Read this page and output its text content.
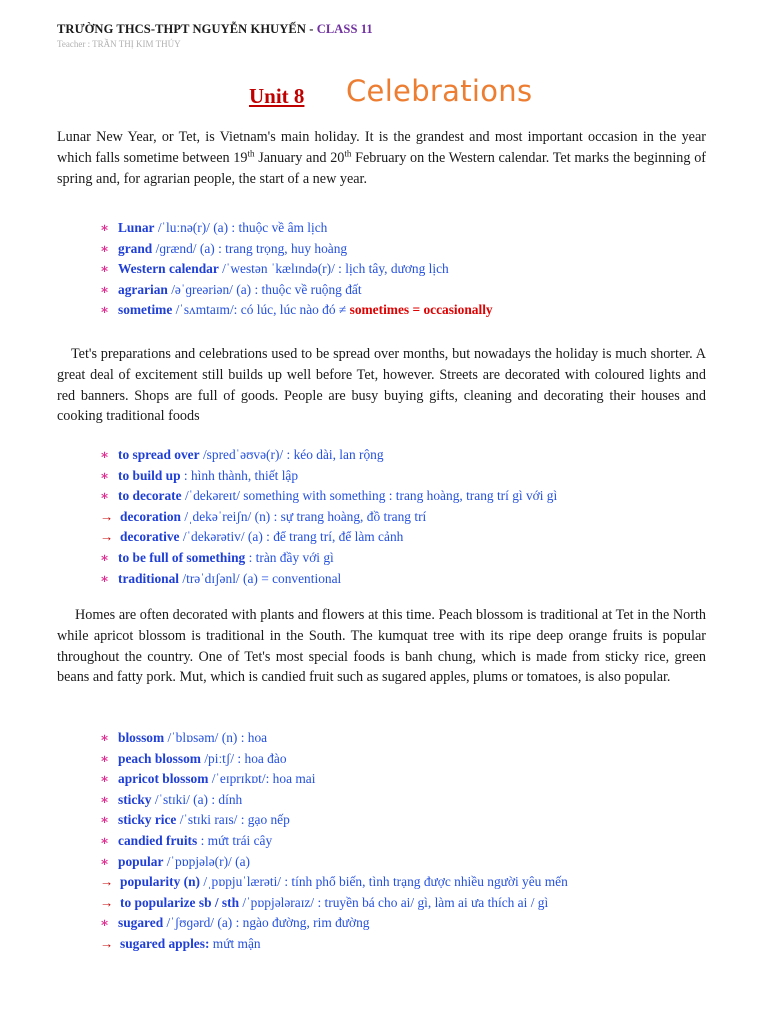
TRƯỜNG THCS-THPT NGUYỄN KHUYẾN - CLASS 11
Teacher : TRẦN THỊ KIM THÚY
Unit 8 Celebrations

Lunar New Year, or Tet, is Vietnam's main holiday. It is the grandest and most important occasion in the year which falls sometime between 19th January and 20th February on the Western calendar. Tet marks the beginning of spring and, for agrarian people, the start of a new year.

∗ Lunar /ˈluːnə(r)/ (a) : thuộc về âm lịch
∗ grand /ɡrænd/ (a) : trang trọng, huy hoàng
∗ Western calendar /ˈwestən ˈkælɪndə(r)/ : lịch tây, dương lịch
∗ agrarian /əˈɡreəriən/ (a) : thuộc về ruộng đất
∗ sometime /ˈsʌmtaɪm/: có lúc, lúc nào đó ≠ sometimes = occasionally

Tet's preparations and celebrations used to be spread over months, but nowadays the holiday is much shorter. A great deal of excitement still builds up well before Tet, however. Streets are decorated with coloured lights and red banners. Shops are full of goods. People are busy buying gifts, cleaning and decorating their houses and cooking traditional foods

∗ to spread over /spredˈəʊvə(r)/ : kéo dài, lan rộng
∗ to build up : hình thành, thiết lập
∗ to decorate /ˈdekəreɪt/ something with something : trang hoàng, trang trí gì với gì
→ decoration /ˌdekəˈreiʃn/ (n) : sự trang hoàng, đồ trang trí
→ decorative /ˈdekərətiv/ (a) : để trang trí, để làm cảnh
∗ to be full of something : tràn đầy với gì
∗ traditional /trəˈdɪʃənl/ (a) = conventional

Homes are often decorated with plants and flowers at this time. Peach blossom is traditional at Tet in the North while apricot blossom is traditional in the South. The kumquat tree with its ripe deep orange fruits is popular throughout the country. One of Tet's most special foods is banh chung, which is made from sticky rice, green beans and fatty pork. Mut, which is candied fruit such as sugared apples, plums or tomatoes, is also popular.

∗ blossom /ˈblɒsəm/ (n) : hoa
∗ peach blossom /piːtʃ/ : hoa đào
∗ apricot blossom /ˈeɪprɪkɒt/: hoa mai
∗ sticky /ˈstɪki/ (a) : dính
∗ sticky rice /ˈstɪki raɪs/ : gạo nếp
∗ candied fruits : mứt trái cây
∗ popular /ˈpɒpjələ(r)/ (a)
→ popularity (n) /ˌpɒpjuˈlærəti/ : tính phổ biến, tình trạng được nhiều người yêu mến
→ to popularize sb / sth /ˈpɒpjələraɪz/ : truyền bá cho ai/ gì, làm ai ưa thích ai / gì
∗ sugared /ˈʃʊɡərd/ (a) : ngào đường, rim đường
→ sugared apples: mứt mận
